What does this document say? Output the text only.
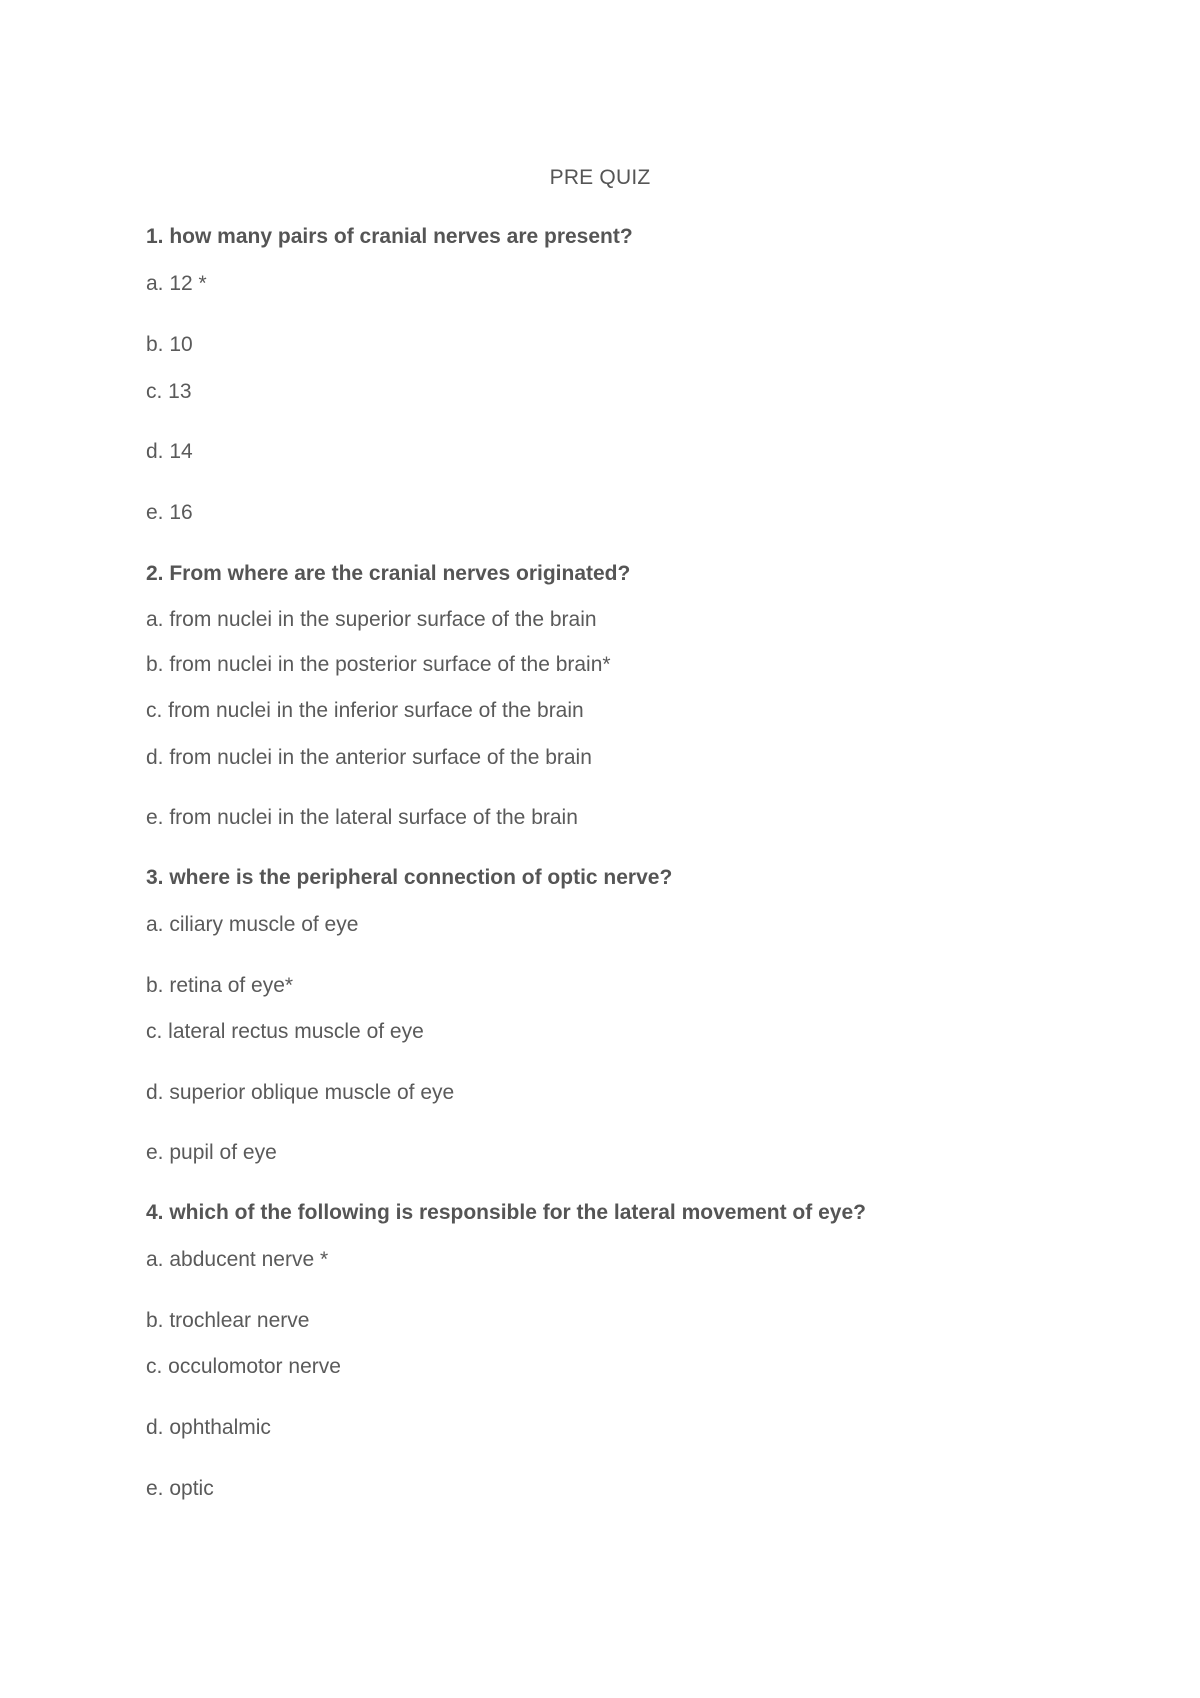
PRE QUIZ
1. how many pairs of cranial nerves are present?
a. 12 *
b. 10
c. 13
d. 14
e. 16
2. From where are the cranial nerves originated?
a. from nuclei in the superior surface of the brain
b. from nuclei in the posterior surface of the brain*
c. from nuclei in the inferior surface of the brain
d. from nuclei in the anterior surface of the brain
e. from nuclei in the lateral surface of the brain
3. where is the peripheral connection of optic nerve?
a. ciliary muscle of eye
b. retina of eye*
c. lateral rectus muscle of eye
d. superior oblique muscle of eye
e. pupil of eye
4. which of the following is responsible for the lateral movement of eye?
a. abducent nerve *
b. trochlear nerve
c. occulomotor nerve
d. ophthalmic
e. optic
